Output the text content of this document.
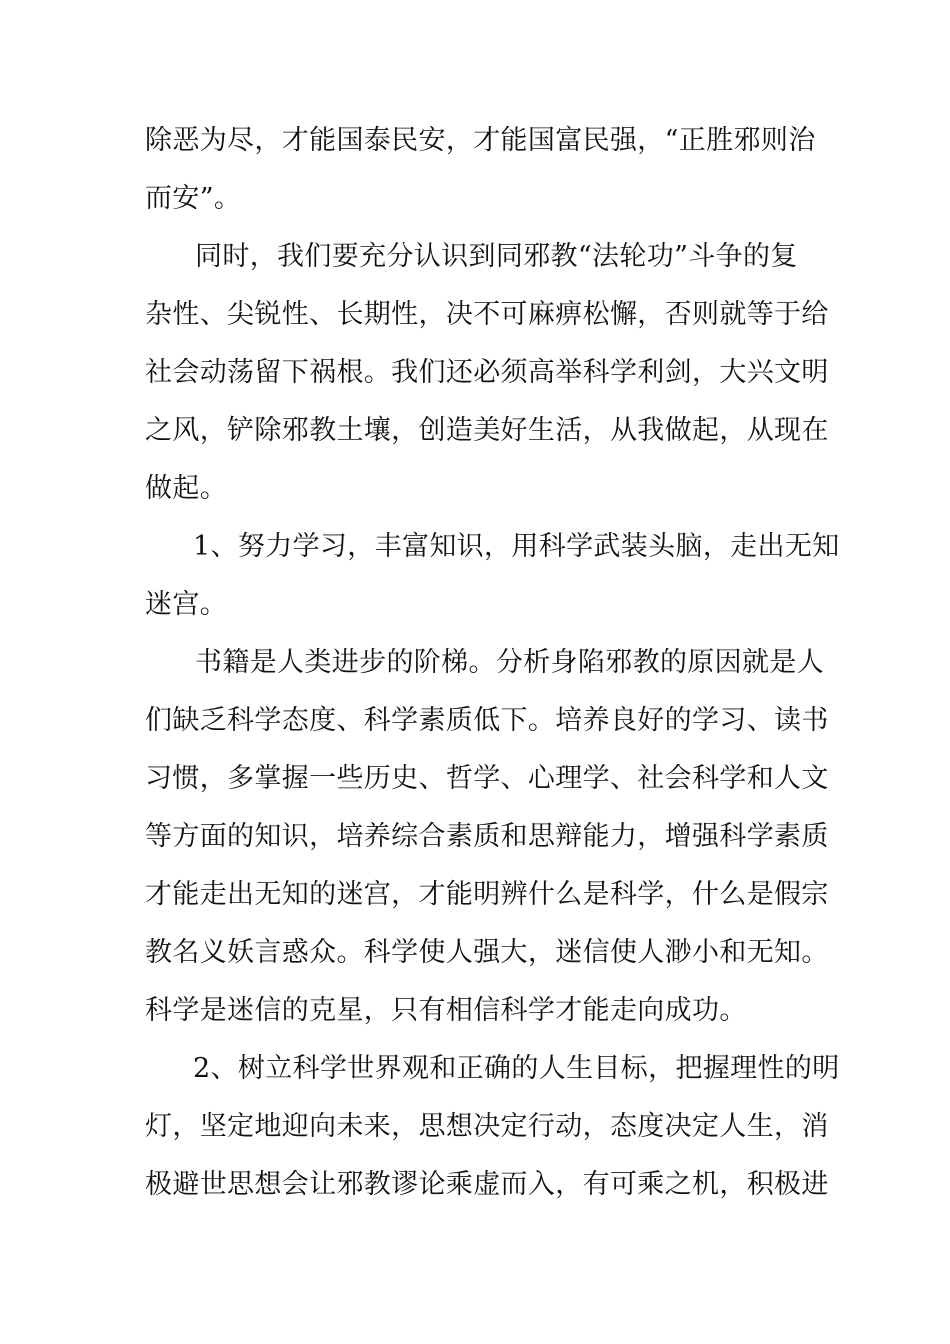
除恶为尽，才能国泰民安，才能国富民强，“正胜邪则治
而安”。
同时，我们要充分认识到同邪教“法轮功”斗争的复
杂性、尖锐性、长期性，决不可麻痹松懈，否则就等于给
社会动荡留下祸根。我们还必须高举科学利剑，大兴文明
之风，铲除邪教土壤，创造美好生活，从我做起，从现在
做起。
1、努力学习，丰富知识，用科学武装头脑，走出无知
迷宫。
书籍是人类进步的阶梯。分析身陷邪教的原因就是人
们缺乏科学态度、科学素质低下。培养良好的学习、读书
习惯，多掌握一些历史、哲学、心理学、社会科学和人文
等方面的知识，培养综合素质和思辩能力，增强科学素质
才能走出无知的迷宫，才能明辨什么是科学，什么是假宗
教名义妖言惑众。科学使人强大，迷信使人渺小和无知。
科学是迷信的克星，只有相信科学才能走向成功。
2、树立科学世界观和正确的人生目标，把握理性的明
灯，坚定地迎向未来，思想决定行动，态度决定人生，消
极避世思想会让邪教谬论乘虚而入，有可乘之机，积极进
